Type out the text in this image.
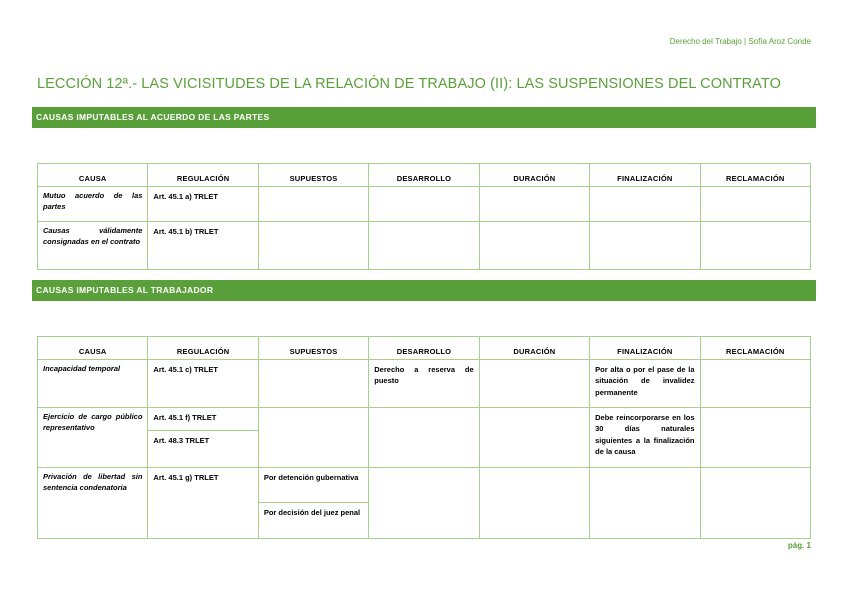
Derecho del Trabajo | Sofía Aroz Conde
LECCIÓN 12ª.- LAS VICISITUDES DE LA RELACIÓN DE TRABAJO (II): LAS SUSPENSIONES DEL CONTRATO
CAUSAS IMPUTABLES AL ACUERDO DE LAS PARTES
CAUSA	REGULACIÓN	SUPUESTOS	DESARROLLO	DURACIÓN	FINALIZACIÓN	RECLAMACIÓN
Mutuo acuerdo de las partes	Art. 45.1 a) TRLET					
Causas válidamente consignadas en el contrato	Art. 45.1 b) TRLET					
CAUSAS IMPUTABLES AL TRABAJADOR
CAUSA	REGULACIÓN	SUPUESTOS	DESARROLLO	DURACIÓN	FINALIZACIÓN	RECLAMACIÓN
Incapacidad temporal	Art. 45.1 c) TRLET		Derecho a reserva de puesto		Por alta o por el pase de la situación de invalidez permanente	
Ejercicio de cargo público representativo	Art. 45.1 f) TRLET				Debe reincorporarse en los 30 días naturales siguientes a la finalización de la causa	
	Art. 48.3 TRLET					
Privación de libertad sin sentencia condenatoria	Art. 45.1 g) TRLET	Por detención gubernativa				
		Por decisión del juez penal				
pág. 1
